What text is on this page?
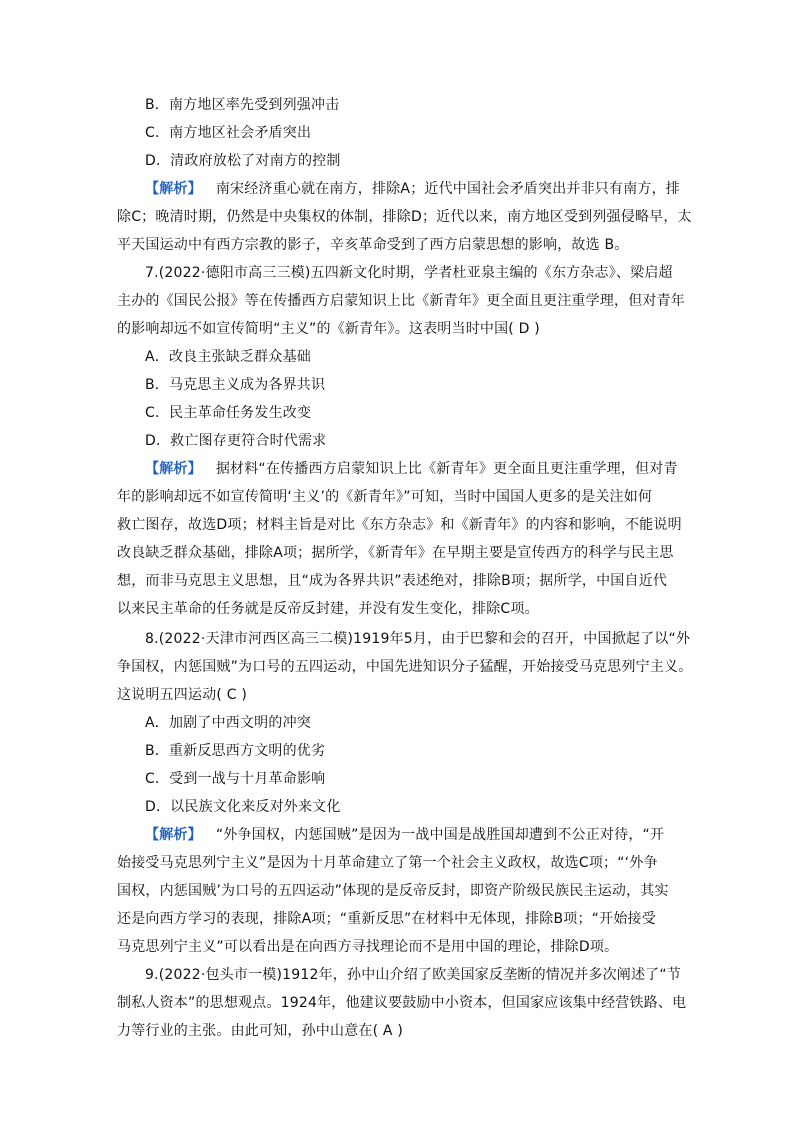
B．南方地区率先受到列强冲击
C．南方地区社会矛盾突出
D．清政府放松了对南方的控制
【解析】 南宋经济重心就在南方，排除A；近代中国社会矛盾突出并非只有南方，排
除C；晚清时期，仍然是中央集权的体制，排除D；近代以来，南方地区受到列强侵略早，太
平天国运动中有西方宗教的影子，辛亥革命受到了西方启蒙思想的影响，故选 B。
7.(2022·德阳市高三三模)五四新文化时期，学者杜亚泉主编的《东方杂志》、梁启超
主办的《国民公报》等在传播西方启蒙知识上比《新青年》更全面且更注重学理，但对青年
的影响却远不如宣传简明“主义”的《新青年》。这表明当时中国( D )
A．改良主张缺乏群众基础
B．马克思主义成为各界共识
C．民主革命任务发生改变
D．救亡图存更符合时代需求
【解析】 据材料“在传播西方启蒙知识上比《新青年》更全面且更注重学理，但对青
年的影响却远不如宣传简明‘主义’的《新青年》”可知，当时中国国人更多的是关注如何
救亡图存，故选D项；材料主旨是对比《东方杂志》和《新青年》的内容和影响，不能说明
改良缺乏群众基础，排除A项；据所学，《新青年》在早期主要是宣传西方的科学与民主思
想，而非马克思主义思想，且“成为各界共识”表述绝对，排除B项；据所学，中国自近代
以来民主革命的任务就是反帝反封建，并没有发生变化，排除C项。
8.(2022·天津市河西区高三二模)1919年5月，由于巴黎和会的召开，中国掀起了以“外
争国权，内惩国贼”为口号的五四运动，中国先进知识分子猛醒，开始接受马克思列宁主义。
这说明五四运动( C )
A．加剧了中西文明的冲突
B．重新反思西方文明的优劣
C．受到一战与十月革命影响
D．以民族文化来反对外来文化
【解析】 “外争国权，内惩国贼”是因为一战中国是战胜国却遭到不公正对待，“开
始接受马克思列宁主义”是因为十月革命建立了第一个社会主义政权，故选C项；“‘外争
国权，内惩国贼’为口号的五四运动”体现的是反帝反封，即资产阶级民族民主运动，其实
还是向西方学习的表现，排除A项；“重新反思”在材料中无体现，排除B项；“开始接受
马克思列宁主义”可以看出是在向西方寻找理论而不是用中国的理论，排除D项。
9.(2022·包头市一模)1912年，孙中山介绍了欧美国家反垄断的情况并多次阐述了“节
制私人资本”的思想观点。1924年，他建议要鼓励中小资本，但国家应该集中经营铁路、电
力等行业的主张。由此可知，孙中山意在( A )
